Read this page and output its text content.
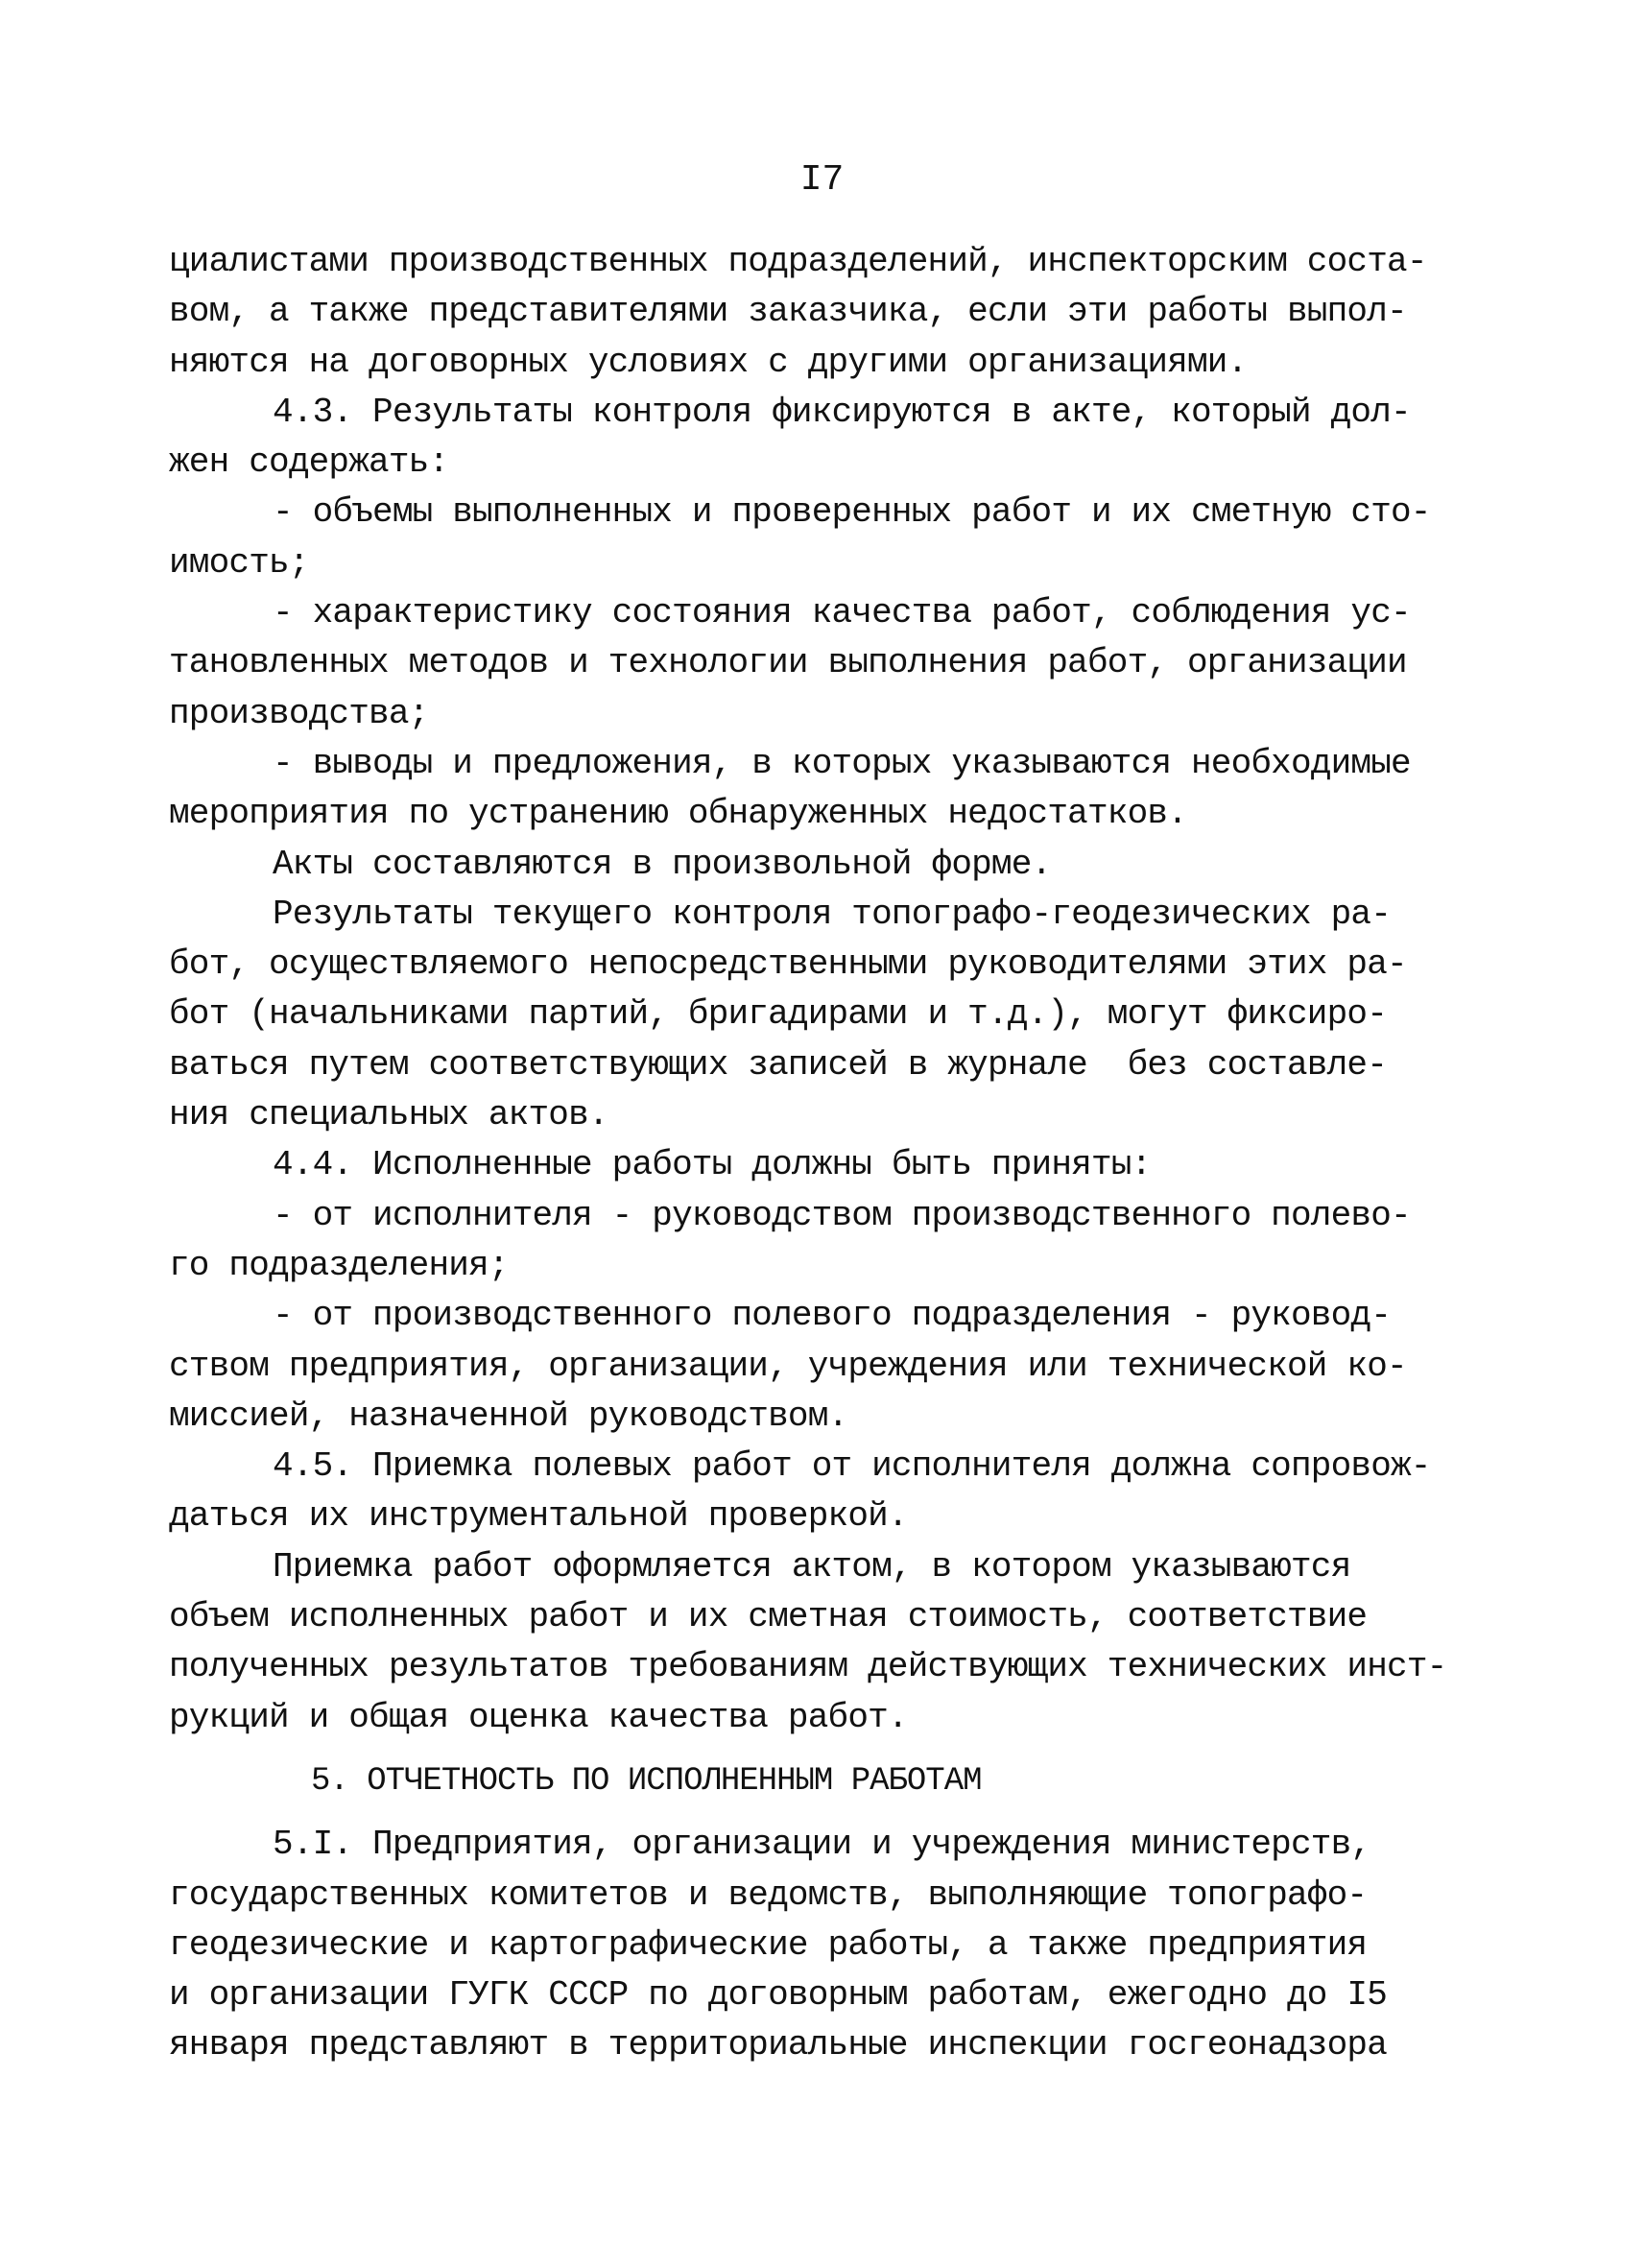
I7
циалистами производственных подразделений, инспекторским соста-
вом, а также представителями заказчика, если эти работы выпол-
няются на договорных условиях с другими организациями.
4.3. Результаты контроля фиксируются в акте, который дол-
жен содержать:
- объемы выполненных и проверенных работ и их сметную сто-
имость;
- характеристику состояния качества работ, соблюдения ус-
тановленных методов и технологии выполнения работ, организации
производства;
- выводы и предложения, в которых указываются необходимые
мероприятия по устранению обнаруженных недостатков.
Акты составляются в произвольной форме.
Результаты текущего контроля топографо-геодезических ра-
бот, осуществляемого непосредственными руководителями этих ра-
бот (начальниками партий, бригадирами и т.д.), могут фиксиро-
ваться путем соответствующих записей в журнале  без составле-
ния специальных актов.
4.4. Исполненные работы должны быть приняты:
- от исполнителя - руководством производственного полево-
го подразделения;
- от производственного полевого подразделения - руковод-
ством предприятия, организации, учреждения или технической ко-
миссией, назначенной руководством.
4.5. Приемка полевых работ от исполнителя должна сопровож-
даться их инструментальной проверкой.
Приемка работ оформляется актом, в котором указываются
объем исполненных работ и их сметная стоимость, соответствие
полученных результатов требованиям действующих технических инст-
рукций и общая оценка качества работ.
5. ОТЧЕТНОСТЬ ПО ИСПОЛНЕННЫМ РАБОТАМ
5.I. Предприятия, организации и учреждения министерств,
государственных комитетов и ведомств, выполняющие топографо-
геодезические и картографические работы, а также предприятия
и организации ГУГК СССР по договорным работам, ежегодно до I5
января представляют в территориальные инспекции госгеонадзора
